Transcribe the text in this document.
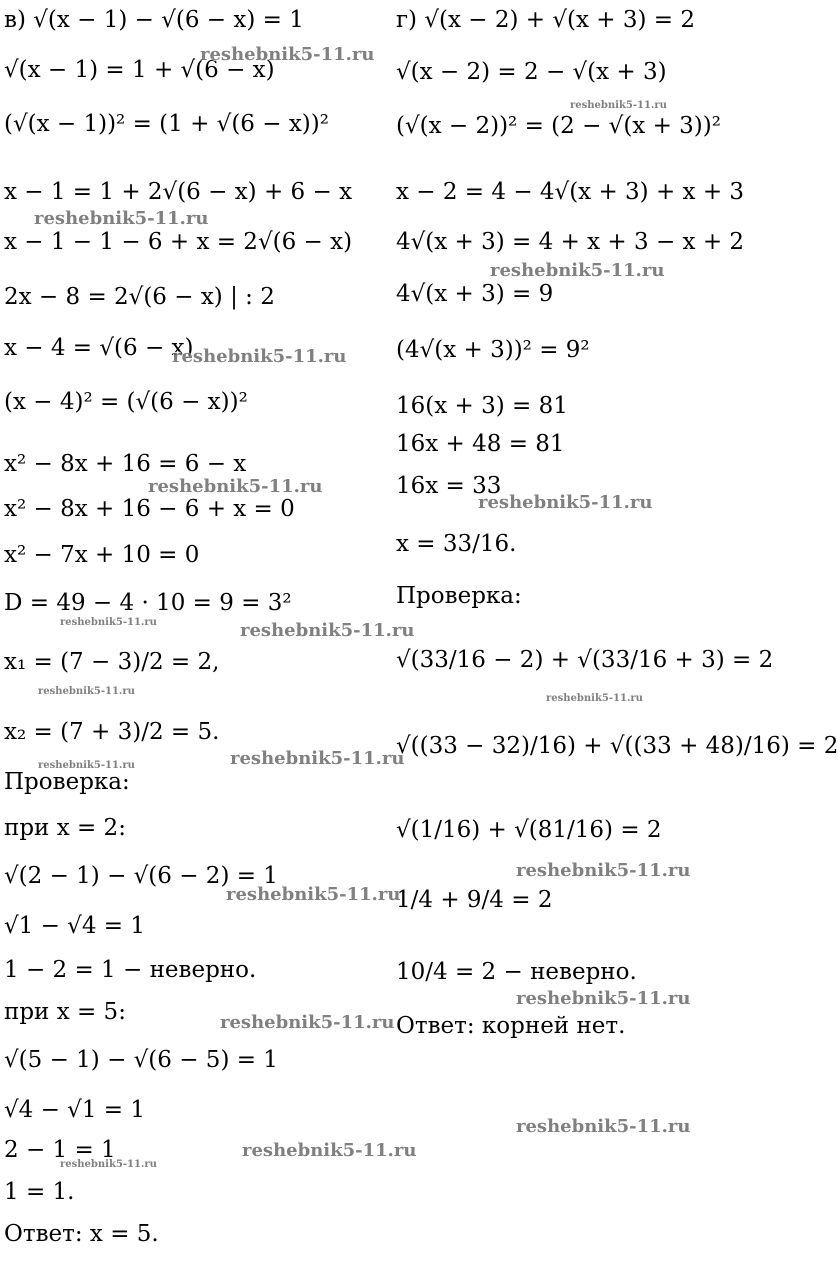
в) √(x − 1) − √(6 − x) = 1
√(x − 1) = 1 + √(6 − x)
(√(x − 1))² = (1 + √(6 − x))²
x − 1 = 1 + 2√(6 − x) + 6 − x
x − 1 − 1 − 6 + x = 2√(6 − x)
2x − 8 = 2√(6 − x) | : 2
x − 4 = √(6 − x)
(x − 4)² = (√(6 − x))²
x² − 8x + 16 = 6 − x
x² − 8x + 16 − 6 + x = 0
x² − 7x + 10 = 0
D = 49 − 4 · 10 = 9 = 3²
x₁ = (7 − 3)/2 = 2,
x₂ = (7 + 3)/2 = 5.
Проверка:
при x = 2:
√(2 − 1) − √(6 − 2) = 1
√1 − √4 = 1
1 − 2 = 1 − неверно.
при x = 5:
√(5 − 1) − √(6 − 5) = 1
√4 − √1 = 1
2 − 1 = 1
1 = 1.
Ответ: x = 5.
г) √(x − 2) + √(x + 3) = 2
√(x − 2) = 2 − √(x + 3)
(√(x − 2))² = (2 − √(x + 3))²
x − 2 = 4 − 4√(x + 3) + x + 3
4√(x + 3) = 4 + x + 3 − x + 2
4√(x + 3) = 9
(4√(x + 3))² = 9²
16(x + 3) = 81
16x + 48 = 81
16x = 33
x = 33/16.
Проверка:
√(33/16 − 2) + √(33/16 + 3) = 2
√((33 − 32)/16) + √((33 + 48)/16) = 2
√(1/16) + √(81/16) = 2
1/4 + 9/4 = 2
10/4 = 2 − неверно.
Ответ: корней нет.
reshebnik5-11.ru
reshebnik5-11.ru
reshebnik5-11.ru
reshebnik5-11.ru
reshebnik5-11.ru
reshebnik5-11.ru
reshebnik5-11.ru
reshebnik5-11.ru
reshebnik5-11.ru
reshebnik5-11.ru
reshebnik5-11.ru
reshebnik5-11.ru
reshebnik5-11.ru
reshebnik5-11.ru
reshebnik5-11.ru
reshebnik5-11.ru
reshebnik5-11.ru
reshebnik5-11.ru
reshebnik5-11.ru
reshebnik5-11.ru
